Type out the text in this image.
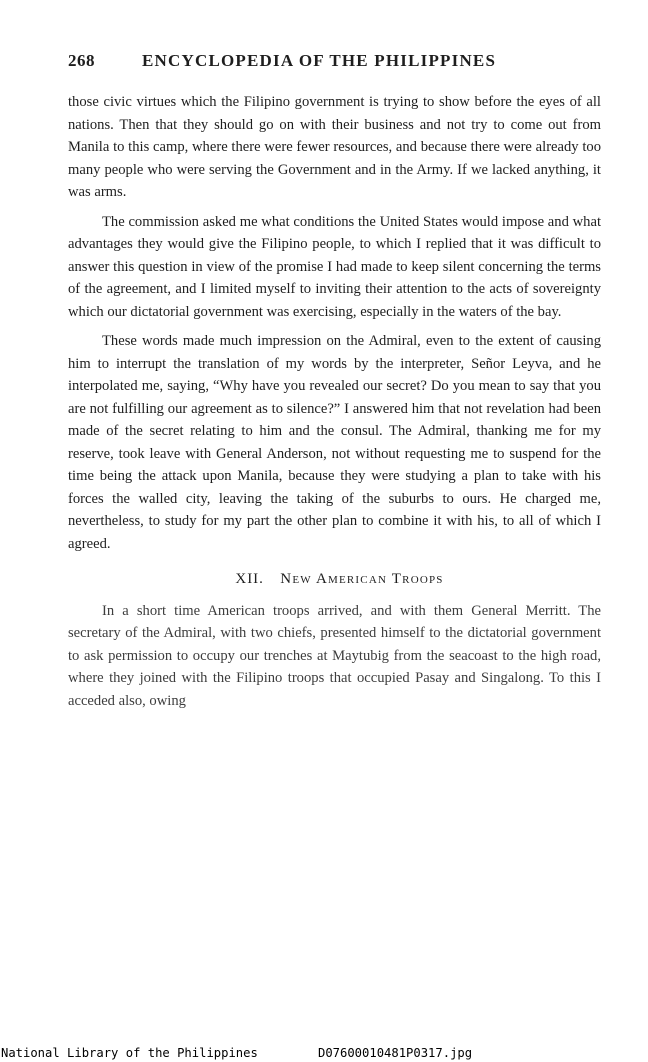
268	ENCYCLOPEDIA OF THE PHILIPPINES

those civic virtues which the Filipino government is trying to show before the eyes of all nations. Then that they should go on with their business and not try to come out from Manila to this camp, where there were fewer resources, and because there were already too many people who were serving the Government and in the Army. If we lacked anything, it was arms.

The commission asked me what conditions the United States would impose and what advantages they would give the Filipino people, to which I replied that it was difficult to answer this question in view of the promise I had made to keep silent concerning the terms of the agreement, and I limited myself to inviting their attention to the acts of sovereignty which our dictatorial government was exercising, especially in the waters of the bay.

These words made much impression on the Admiral, even to the extent of causing him to interrupt the translation of my words by the interpreter, Señor Leyva, and he interpolated me, saying, “Why have you revealed our secret? Do you mean to say that you are not fulfilling our agreement as to silence?” I answered him that not revelation had been made of the secret relating to him and the consul. The Admiral, thanking me for my reserve, took leave with General Anderson, not without requesting me to suspend for the time being the attack upon Manila, because they were studying a plan to take with his forces the walled city, leaving the taking of the suburbs to ours. He charged me, nevertheless, to study for my part the other plan to combine it with his, to all of which I agreed.

XII. New American Troops

In a short time American troops arrived, and with them General Merritt. The secretary of the Admiral, with two chiefs, presented himself to the dictatorial government to ask permission to occupy our trenches at Maytubig from the seacoast to the high road, where they joined with the Filipino troops that occupied Pasay and Singalong. To this I acceded also, owing

National Library of the Philippines	D07600010481P0317.jpg
